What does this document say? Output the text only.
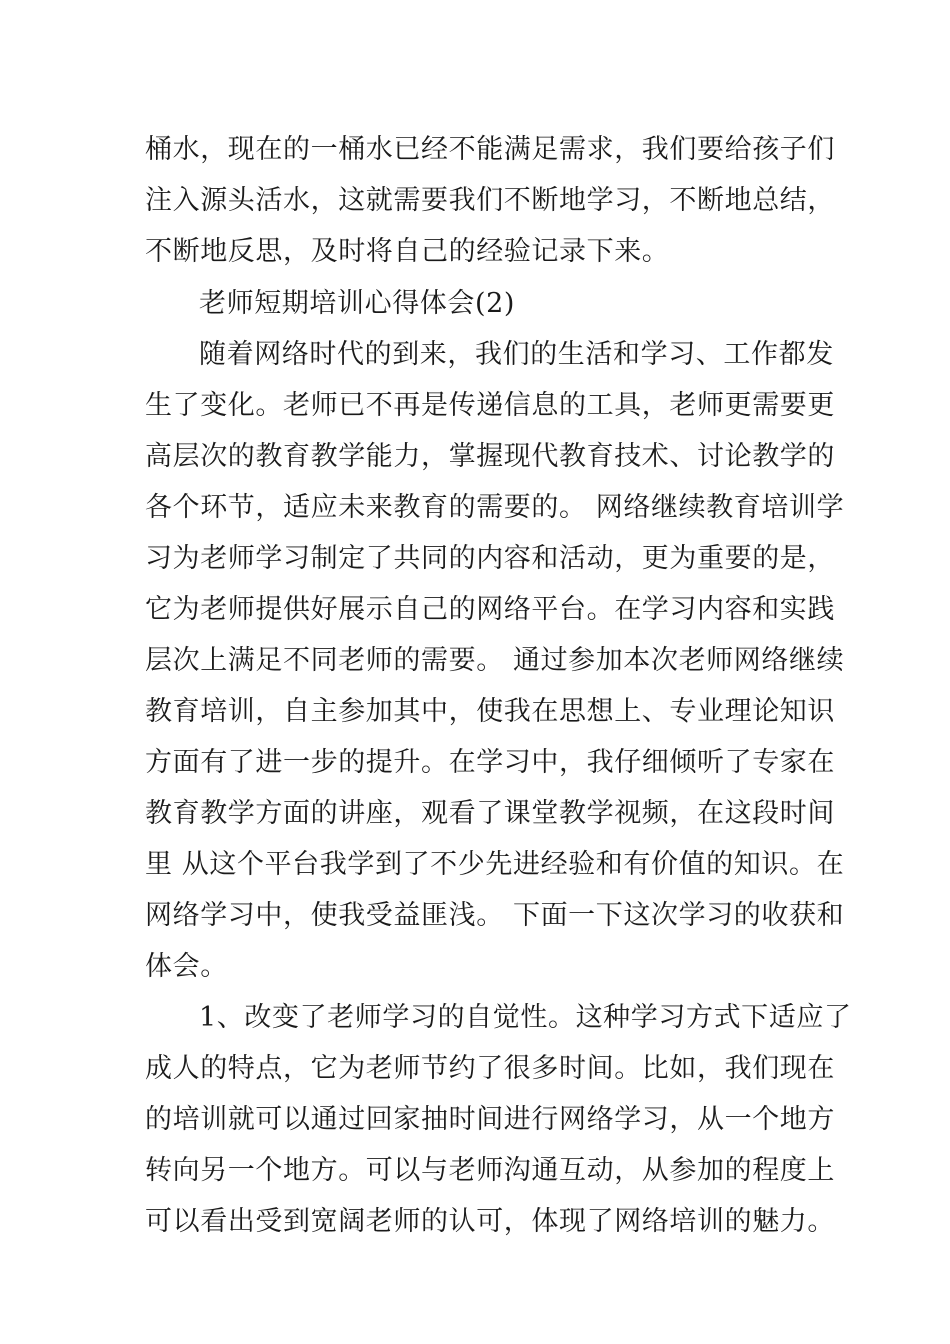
桶水，现在的一桶水已经不能满足需求，我们要给孩子们
注入源头活水，这就需要我们不断地学习，不断地总结，
不断地反思，及时将自己的经验记录下来。
老师短期培训心得体会(2)
随着网络时代的到来，我们的生活和学习、工作都发
生了变化。老师已不再是传递信息的工具，老师更需要更
高层次的教育教学能力，掌握现代教育技术、讨论教学的
各个环节，适应未来教育的需要的。 网络继续教育培训学
习为老师学习制定了共同的内容和活动，更为重要的是，
它为老师提供好展示自己的网络平台。在学习内容和实践
层次上满足不同老师的需要。 通过参加本次老师网络继续
教育培训，自主参加其中，使我在思想上、专业理论知识
方面有了进一步的提升。在学习中，我仔细倾听了专家在
教育教学方面的讲座，观看了课堂教学视频，在这段时间
里 从这个平台我学到了不少先进经验和有价值的知识。在
网络学习中，使我受益匪浅。 下面一下这次学习的收获和
体会。
1、改变了老师学习的自觉性。这种学习方式下适应了
成人的特点，它为老师节约了很多时间。比如，我们现在
的培训就可以通过回家抽时间进行网络学习，从一个地方
转向另一个地方。可以与老师沟通互动，从参加的程度上
可以看出受到宽阔老师的认可，体现了网络培训的魅力。
